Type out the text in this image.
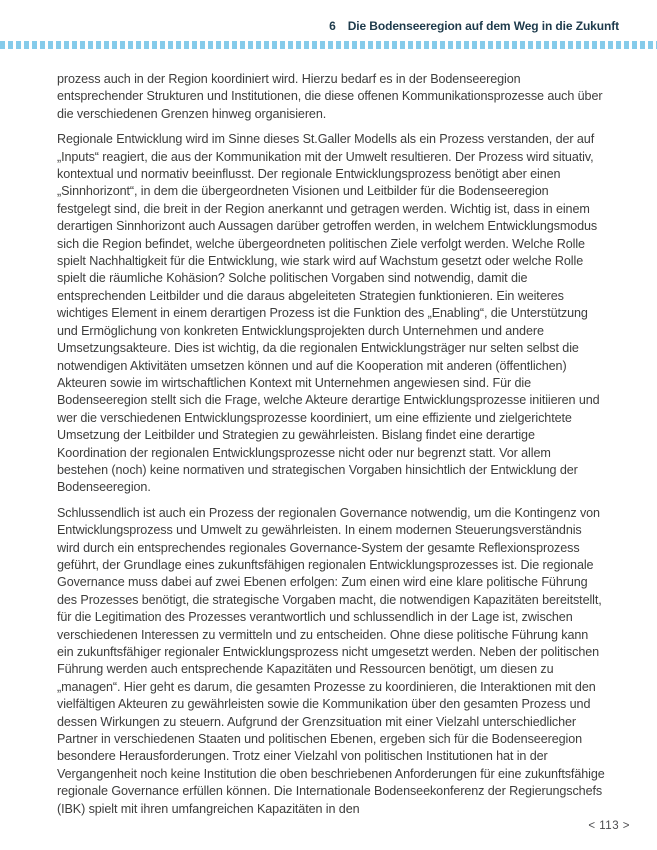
6 Die Bodenseeregion auf dem Weg in die Zukunft

prozess auch in der Region koordiniert wird. Hierzu bedarf es in der Bodenseeregion entsprechender Strukturen und Institutionen, die diese offenen Kommunikationsprozesse auch über die verschiedenen Grenzen hinweg organisieren.

Regionale Entwicklung wird im Sinne dieses St.Galler Modells als ein Prozess verstanden, der auf „Inputs“ reagiert, die aus der Kommunikation mit der Umwelt resultieren. Der Prozess wird situativ, kontextual und normativ beeinflusst. Der regionale Entwicklungsprozess benötigt aber einen „Sinnhorizont“, in dem die übergeordneten Visionen und Leitbilder für die Bodenseeregion festgelegt sind, die breit in der Region anerkannt und getragen werden. Wichtig ist, dass in einem derartigen Sinnhorizont auch Aussagen darüber getroffen werden, in welchem Entwicklungsmodus sich die Region befindet, welche übergeordneten politischen Ziele verfolgt werden. Welche Rolle spielt Nachhaltigkeit für die Entwicklung, wie stark wird auf Wachstum gesetzt oder welche Rolle spielt die räumliche Kohäsion? Solche politischen Vorgaben sind notwendig, damit die entsprechenden Leitbilder und die daraus abgeleiteten Strategien funktionieren. Ein weiteres wichtiges Element in einem derartigen Prozess ist die Funktion des „Enabling“, die Unterstützung und Ermöglichung von konkreten Entwicklungsprojekten durch Unternehmen und andere Umsetzungsakteure. Dies ist wichtig, da die regionalen Entwicklungsträger nur selten selbst die notwendigen Aktivitäten umsetzen können und auf die Kooperation mit anderen (öffentlichen) Akteuren sowie im wirtschaftlichen Kontext mit Unternehmen angewiesen sind. Für die Bodenseeregion stellt sich die Frage, welche Akteure derartige Entwicklungsprozesse initiieren und wer die verschiedenen Entwicklungsprozesse koordiniert, um eine effiziente und zielgerichtete Umsetzung der Leitbilder und Strategien zu gewährleisten. Bislang findet eine derartige Koordination der regionalen Entwicklungsprozesse nicht oder nur begrenzt statt. Vor allem bestehen (noch) keine normativen und strategischen Vorgaben hinsichtlich der Entwicklung der Bodenseeregion.

Schlussendlich ist auch ein Prozess der regionalen Governance notwendig, um die Kontingenz von Entwicklungsprozess und Umwelt zu gewährleisten. In einem modernen Steuerungsverständnis wird durch ein entsprechendes regionales Governance-System der gesamte Reflexionsprozess geführt, der Grundlage eines zukunftsfähigen regionalen Entwicklungsprozesses ist. Die regionale Governance muss dabei auf zwei Ebenen erfolgen: Zum einen wird eine klare politische Führung des Prozesses benötigt, die strategische Vorgaben macht, die notwendigen Kapazitäten bereitstellt, für die Legitimation des Prozesses verantwortlich und schlussendlich in der Lage ist, zwischen verschiedenen Interessen zu vermitteln und zu entscheiden. Ohne diese politische Führung kann ein zukunftsfähiger regionaler Entwicklungsprozess nicht umgesetzt werden. Neben der politischen Führung werden auch entsprechende Kapazitäten und Ressourcen benötigt, um diesen zu „managen“. Hier geht es darum, die gesamten Prozesse zu koordinieren, die Interaktionen mit den vielfältigen Akteuren zu gewährleisten sowie die Kommunikation über den gesamten Prozess und dessen Wirkungen zu steuern. Aufgrund der Grenzsituation mit einer Vielzahl unterschiedlicher Partner in verschiedenen Staaten und politischen Ebenen, ergeben sich für die Bodenseeregion besondere Herausforderungen. Trotz einer Vielzahl von politischen Institutionen hat in der Vergangenheit noch keine Institution die oben beschriebenen Anforderungen für eine zukunftsfähige regionale Governance erfüllen können. Die Internationale Bodenseekonferenz der Regierungschefs (IBK) spielt mit ihren umfangreichen Kapazitäten in den

< 113 >
